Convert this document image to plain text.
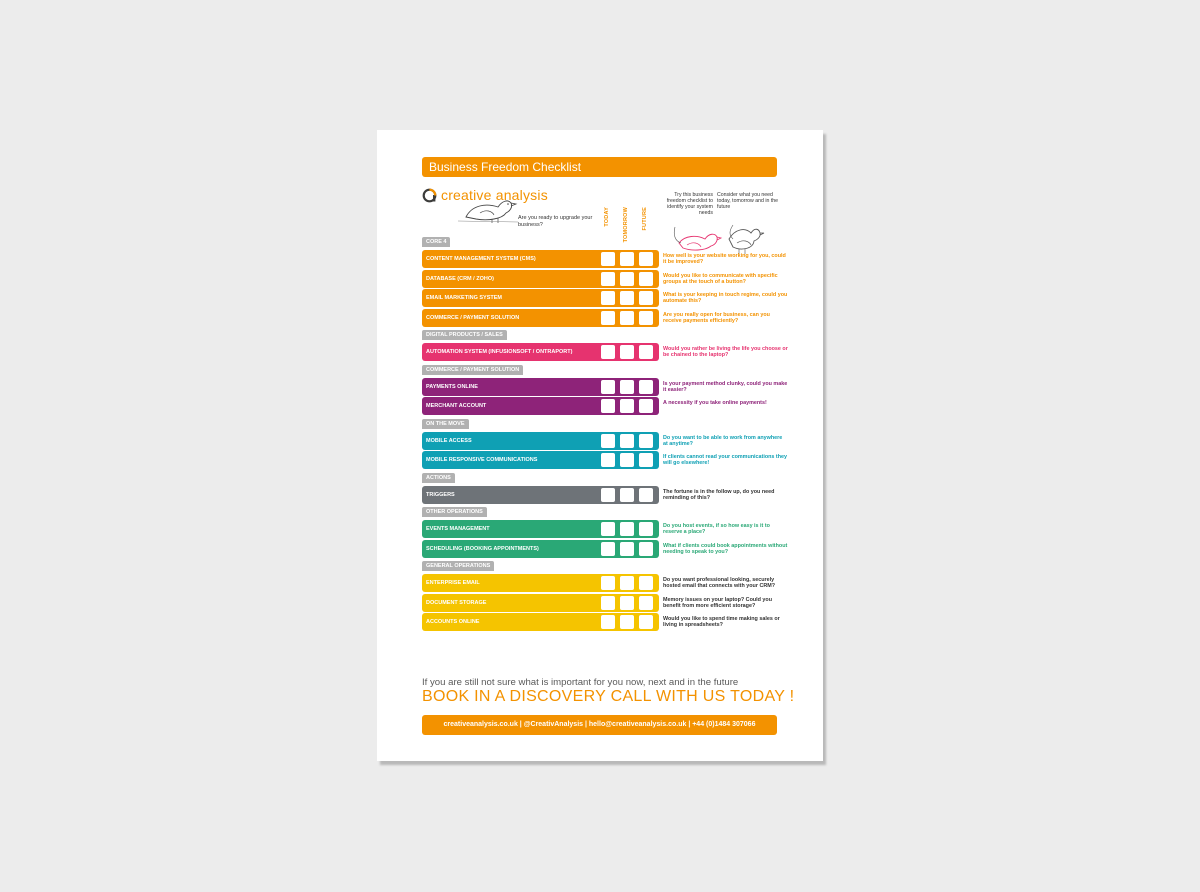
Business Freedom Checklist
creative analysis
Are you ready to upgrade your business?
Try this business freedom checklist to identify your system needs
Consider what you need today, tomorrow and in the future
TODAY TOMORROW FUTURE
CORE 4
CONTENT MANAGEMENT SYSTEM (CMS)	How well is your website working for you, could it be improved?
DATABASE (CRM / ZOHO)	Would you like to communicate with specific groups at the touch of a button?
EMAIL MARKETING SYSTEM	What is your keeping in touch regime, could you automate this?
COMMERCE / PAYMENT SOLUTION	Are you really open for business, can you receive payments efficiently?
DIGITAL PRODUCTS / SALES
AUTOMATION SYSTEM (INFUSIONSOFT / ONTRAPORT)	Would you rather be living the life you choose or be chained to the laptop?
COMMERCE / PAYMENT SOLUTION
PAYMENTS ONLINE	Is your payment method clunky, could you make it easier?
MERCHANT ACCOUNT	A necessity if you take online payments!
ON THE MOVE
MOBILE ACCESS	Do you want to be able to work from anywhere at anytime?
MOBILE RESPONSIVE COMMUNICATIONS	If clients cannot read your communications they will go elsewhere!
ACTIONS
TRIGGERS	The fortune is in the follow up, do you need reminding of this?
OTHER OPERATIONS
EVENTS MANAGEMENT	Do you host events, if so how easy is it to reserve a place?
SCHEDULING (BOOKING APPOINTMENTS)	What if clients could book appointments without needing to speak to you?
GENERAL OPERATIONS
ENTERPRISE EMAIL	Do you want professional looking, securely hosted email that connects with your CRM?
DOCUMENT STORAGE	Memory issues on your laptop? Could you benefit from more efficient storage?
ACCOUNTS ONLINE	Would you like to spend time making sales or living in spreadsheets?
If you are still not sure what is important for you now, next and in the future
BOOK IN A DISCOVERY CALL WITH US TODAY !
creativeanalysis.co.uk | @CreativAnalysis | hello@creativeanalysis.co.uk | +44 (0)1484 307066
